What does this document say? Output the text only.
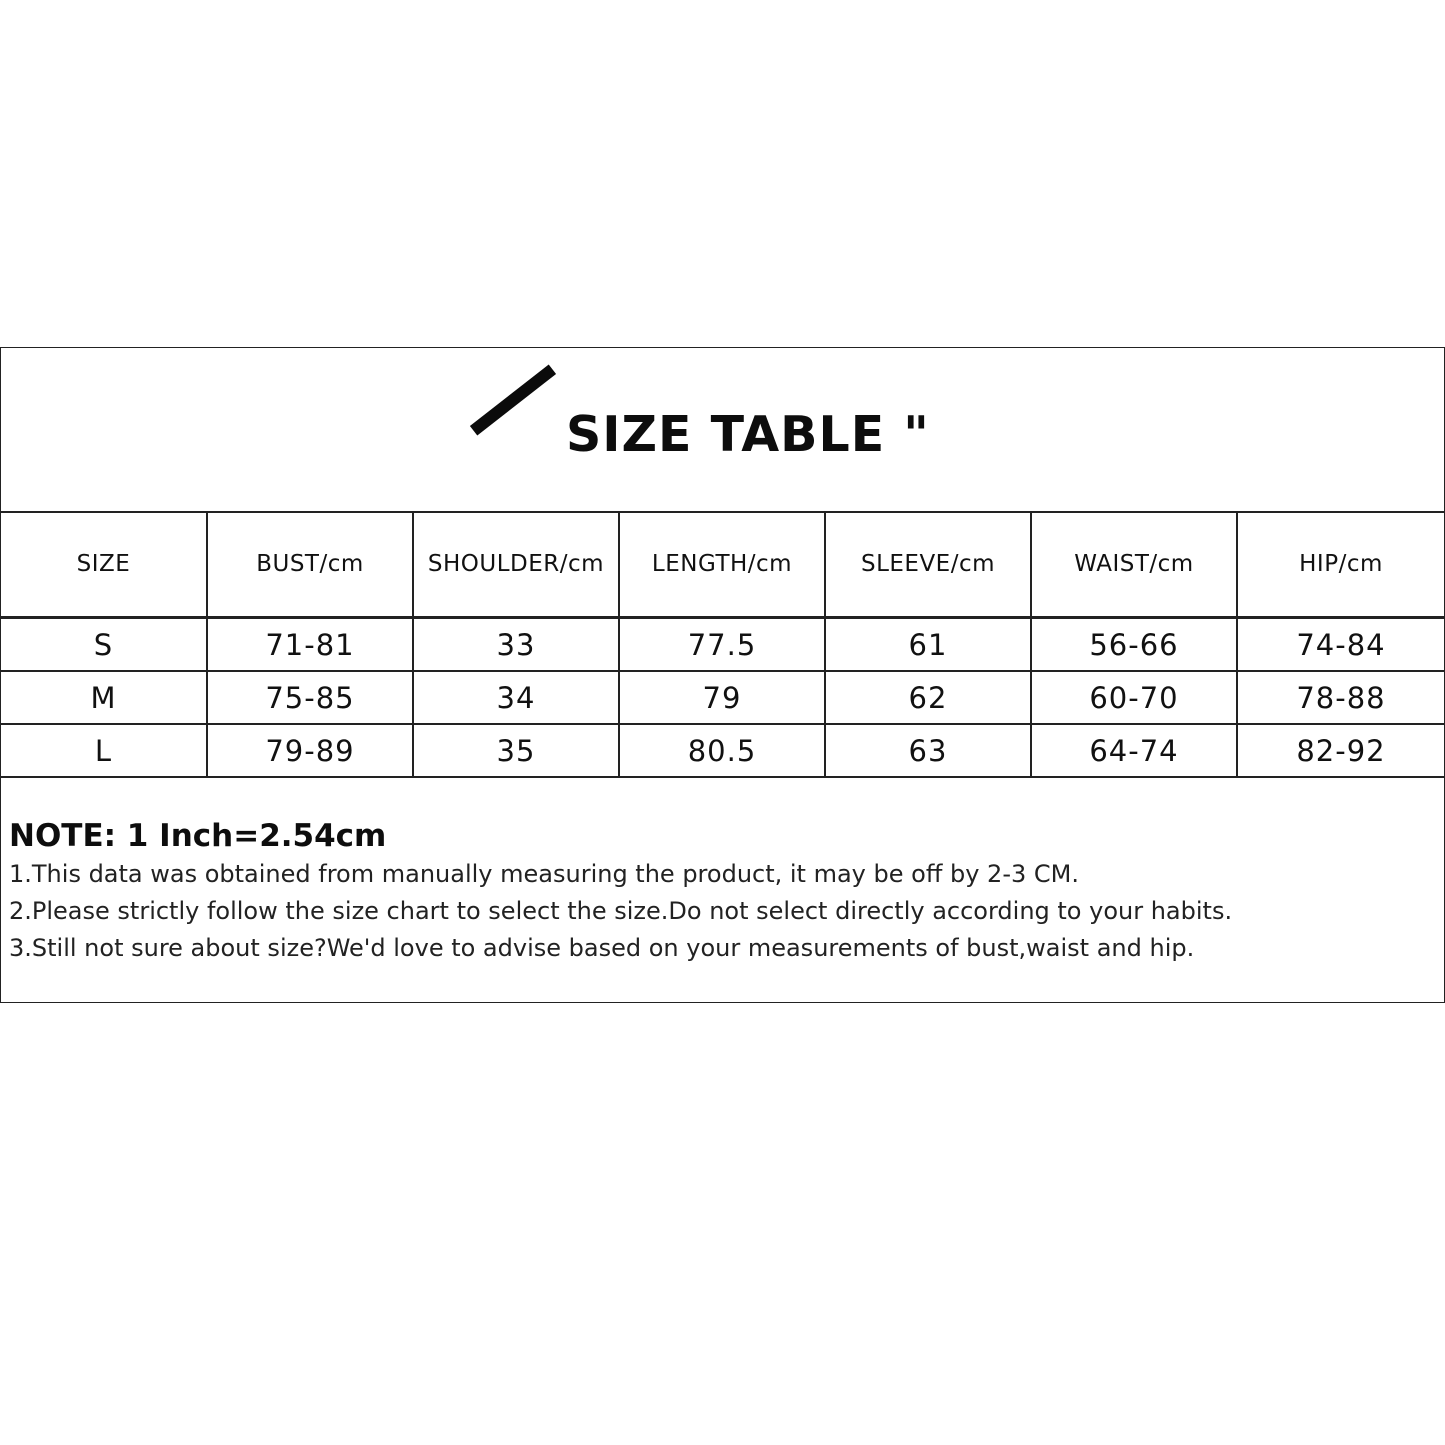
SIZE TABLE "
SIZE	BUST/cm	SHOULDER/cm	LENGTH/cm	SLEEVE/cm	WAIST/cm	HIP/cm
S	71-81	33	77.5	61	56-66	74-84
M	75-85	34	79	62	60-70	78-88
L	79-89	35	80.5	63	64-74	82-92
NOTE: 1 Inch=2.54cm
1.This data was obtained from manually measuring the product, it may be off by 2-3 CM.
2.Please strictly follow the size chart to select the size.Do not select directly according to your habits.
3.Still not sure about size?We'd love to advise based on your measurements of bust,waist and hip.
